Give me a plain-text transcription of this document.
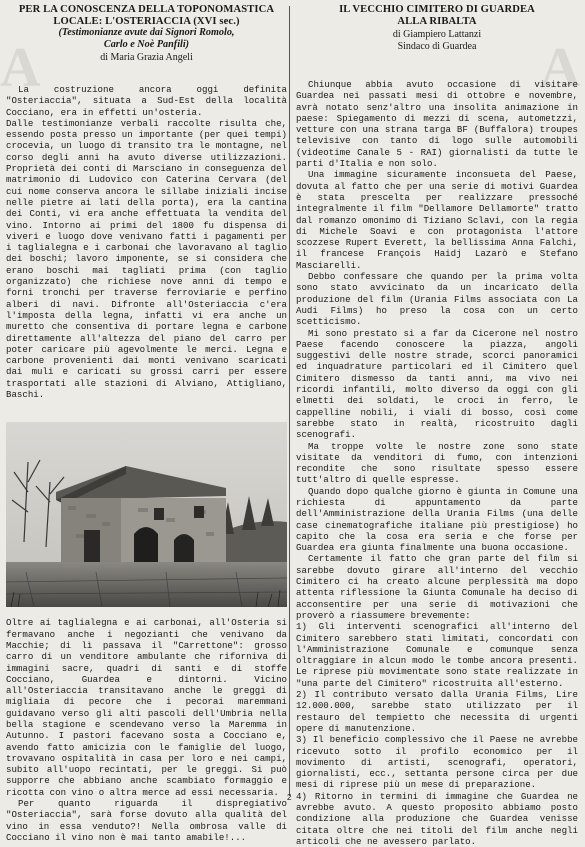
A	A
PER LA CONOSCENZA DELLA TOPONOMASTICA
LOCALE: L'OSTERIACCIA (XVI sec.)

(Testimonianze avute dai Signori Romolo,

Carlo e Noè Panfili)

di Maria Grazia Angeli

La costruzione ancora oggi definita "Osteriaccia", situata a Sud-Est della località Cocciano, era in effetti un'osteria.

Dalle testimonianze verbali raccolte risulta che, essendo posta presso un importante (per quei tempi) crocevia, un luogo di transito tra le montagne, nel corso degli anni ha avuto diverse utilizzazioni. Proprietà dei conti di Marsciano in conseguenza del matrimonio di Ludovico con Caterina Cervara (del cui nome conserva ancora le sillabe iniziali incise nelle pietre ai lati della porta), era la cantina dei Conti, vi era anche effettuata la vendita del vino. Intorno ai primi del 1800 fu dispensa di viveri e luogo dove venivano fatti i pagamenti per i taglialegna e i carbonai che lavoravano al taglio dei boschi; lavoro imponente, se si considera che erano boschi mai tagliati prima (con taglio organizzato) che richiese nove anni di tempo e forni tronchi per traverse ferroviarie e perfino alberi di navi. Difronte all'Osteriaccia c'era l'imposta della legna, infatti vi era anche un muretto che consentiva di portare legna e carbone direttamente all'altezza del piano del carro per poter caricare più agevolmente le merci. Legna e carbone provenienti dai monti venivano scaricati dai muli e caricati su grossi carri per essere trasportati alle stazioni di Alviano, Attigliano, Baschi.

Oltre ai taglialegna e ai carbonai, all'Osteria si fermavano anche i negozianti che venivano da Macchie; di lì passava il "Carrettone": grosso carro di un venditore ambulante che riforniva di immagini sacre, quadri di santi e di stoffe Cocciano, Guardea e dintorni. Vicino all'Osteriaccia transitavano anche le greggi di migliaia di pecore che i pecorai maremmani guidavano verso gli alti pascoli dell'Umbria nella bella stagione e scendevano verso la Maremma in Autunno. I pastori facevano sosta a Cocciano e, avendo fatto amicizia con le famiglie del luogo, trovavano ospitalità in casa per loro e nei campi, subito all'uopo recintati, per le greggi. Si può supporre che abbiano anche scambiato formaggio e ricotta con vino o altra merce ad essi necessaria.

Per quanto riguarda il dispregiativo "Osteriaccia", sarà forse dovuto alla qualità del vino in essa venduto?! Nella ombrosa valle di Cocciano il vino non è mai tanto amabile!...

IL VECCHIO CIMITERO DI GUARDEA
ALLA RIBALTA

di Giampiero Lattanzi

Sindaco di Guardea

Chiunque abbia avuto occasione di visitare Guardea nei passati mesi di ottobre e novembre, avrà notato senz'altro una insolita animazione in paese: Spiegamento di mezzi di scena, autometzzi, vetture con una strana targa BF (Buffalora) troupes televisive con tanto di logo sulle automobili (videotime Canale 5 - RAI) giornalisti da tutte le parti d'Italia e non solo.

Una immagine sicuramente inconsueta del Paese, dovuta al fatto che per una serie di motivi Guardea è stata prescelta per realizzare pressoché integralmente il film "Dellamore Dellamorte" tratto dal romanzo omonimo di Tiziano Sclavi, con la regia di Michele Soavi e con protagonista l'attore scozzese Rupert Everett, la bellissima Anna Falchi, il francese François Haidj Lazarò e Stefano Masciarelli.

Debbo confessare che quando per la prima volta sono stato avvicinato da un incaricato della produzione del film (Urania Films associata con La Audi Films) ho preso la cosa con un certo scetticismo.

Mi sono prestato si a far da Cicerone nel nostro Paese facendo conoscere la piazza, angoli suggestivi delle nostre strade, scorci panoramici ed inquadrature particolari ed il Cimitero quel Cimitero dismesso da tanti anni, ma vivo nei ricordi infantili, molto diverso da oggi con gli elmetti dei soldati, le croci in ferro, le cappelline nobili, i viali di bosso, così come sarebbe stato in realtà, ricostruito dagli scenografi.

Ma troppe volte le nostre zone sono state visitate da venditori di fumo, con intenzioni recondite che sono risultate spesso essere tutt'altro di quelle espresse.

Quando dopo qualche giorno è giunta in Comune una richiesta di appuntamento da parte dell'Amministrazione della Urania Films (una delle case cinematografiche italiane più prestigiose) ho capito che la cosa era seria e che forse per Guardea era giunta finalmente una buona occasione.

Certamente il fatto che gran parte del film si sarebbe dovuto girare all'interno del vecchio Cimitero ci ha creato alcune perplessità ma dopo attenta riflessione la Giunta Comunale ha deciso di acconsentire per una serie di motivazioni che proverò a riassumere brevemente:

1) Gli interventi scenografici all'interno del Cimitero sarebbero stati limitati, concordati con l'Amministrazione Comunale e comunque senza oltraggiare in alcun modo le tombe ancora presenti. Le riprese più movimentate sono state realizzate in "una parte del Cimitero" ricostruita all'esterno.

2) Il contributo versato dalla Urania Films, Lire 12.000.000, sarebbe stato utilizzato per il restauro del tempietto che necessita di urgenti opere di manutenzione.

3) Il beneficio complessivo che il Paese ne avrebbe ricevuto sotto il profilo economico per il movimento di artisti, scenografi, operatori, giornalisti, ecc., settanta persone circa per due mesi di riprese più un mese di preparazione.

4) Ritorno in termini di immagine che Guardea ne avrebbe avuto. A questo proposito abbiamo posto condizione alla produzione che Guardea venisse citata oltre che nei titoli del film anche negli articoli che ne avessero parlato.

2
